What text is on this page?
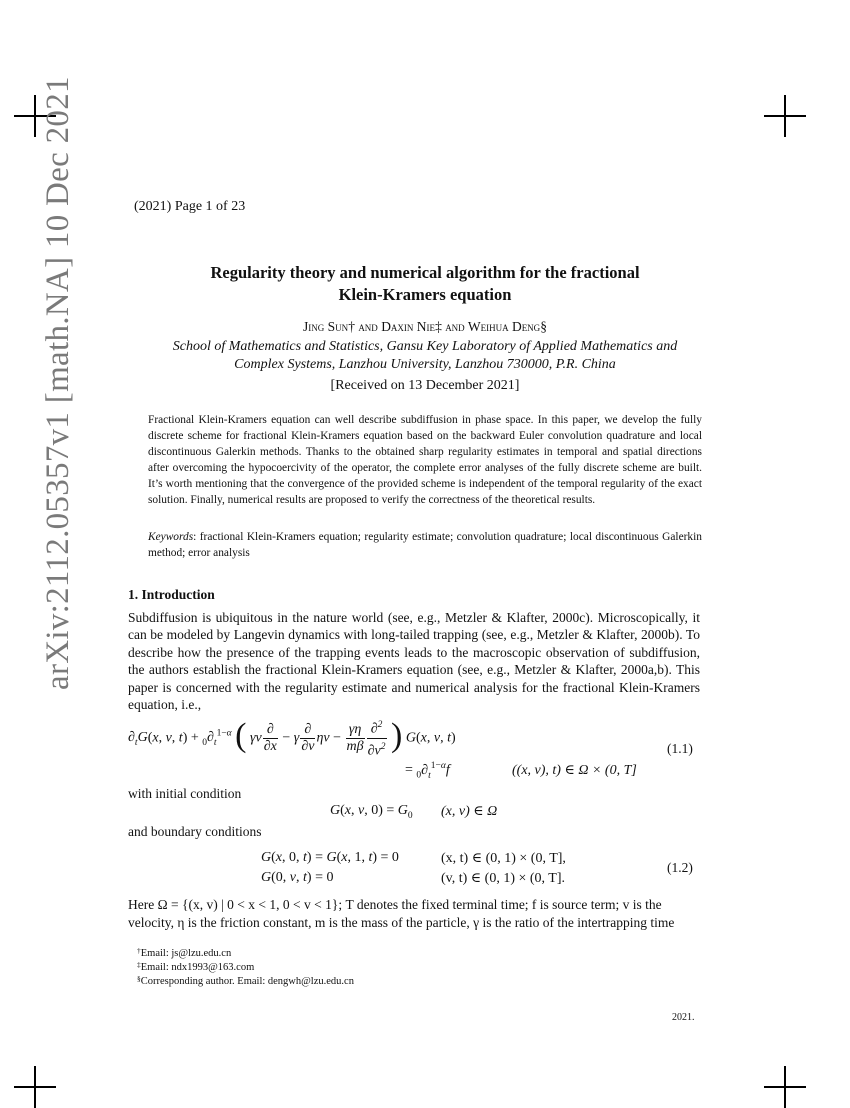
arXiv:2112.05357v1 [math.NA] 10 Dec 2021	(2021) Page 1 of 23
Regularity theory and numerical algorithm for the fractional
Klein-Kramers equation
Jing Sun† and Daxin Nie‡ and Weihua Deng§
School of Mathematics and Statistics, Gansu Key Laboratory of Applied Mathematics and
Complex Systems, Lanzhou University, Lanzhou 730000, P.R. China
[Received on 13 December 2021]
Fractional Klein-Kramers equation can well describe subdiffusion in phase space. In this paper, we develop the fully discrete scheme for fractional Klein-Kramers equation based on the backward Euler convolution quadrature and local discontinuous Galerkin methods. Thanks to the obtained sharp regularity estimates in temporal and spatial directions after overcoming the hypocoercivity of the operator, the complete error analyses of the fully discrete scheme are built. It’s worth mentioning that the convergence of the provided scheme is independent of the temporal regularity of the exact solution. Finally, numerical results are proposed to verify the correctness of the theoretical results.
Keywords: fractional Klein-Kramers equation; regularity estimate; convolution quadrature; local discontinuous Galerkin method; error analysis
1. Introduction
Subdiffusion is ubiquitous in the nature world (see, e.g., Metzler & Klafter, 2000c). Microscopically, it can be modeled by Langevin dynamics with long-tailed trapping (see, e.g., Metzler & Klafter, 2000b). To describe how the presence of the trapping events leads to the macroscopic observation of subdiffusion, the authors establish the fractional Klein-Kramers equation (see, e.g., Metzler & Klafter, 2000a,b). This paper is concerned with the regularity estimate and numerical analysis for the fractional Klein-Kramers equation, i.e.,
$\partial_tG(x$, v, $t) + _0\partial_t^{1-\alpha}$ ( γv $\frac{\partial}{\partial x} - \gamma \frac{\partial}{\partial v}$ $\eta v - \frac{\gamma\eta}{m\beta} \frac{\partial^2}{\partial v^2}$ ) G(x, v, t)
= $_0\partial_t^{1-\alpha}f$	((x, v), t) ∈ Ω × (0, T]
(1.1)
with initial condition
G(x, v, $0) = G_0$ (x, v) ∈ Ω
and boundary conditions
G(x, 0, t) = G(x, 1, t) = 0	(x, t) ∈ (0, 1) × (0, T],
G(0, v, t) = 0	(v, t) ∈ (0, 1) × (0, T].
(1.2)
Here Ω = {(x, v) | 0 < x < 1, 0 < v < 1}; T denotes the fixed terminal time; f is source term; v is the
velocity, η is the friction constant, m is the mass of the particle, γ is the ratio of the intertrapping time
†Email: js@lzu.edu.cn
‡Email: ndx1993@163.com
§Corresponding author. Email: dengwh@lzu.edu.cn
2021.
